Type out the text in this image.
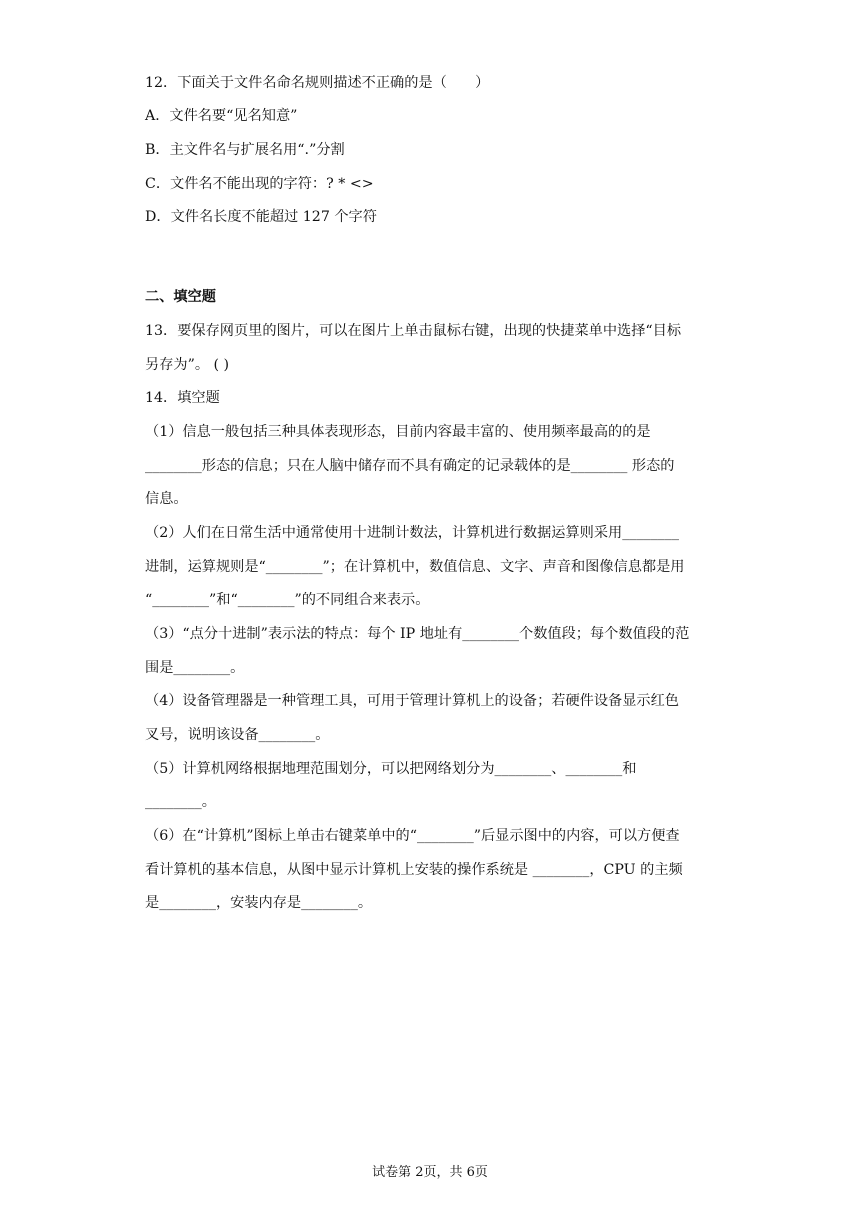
12．下面关于文件名命名规则描述不正确的是（　　）
A．文件名要“见名知意”
B．主文件名与扩展名用“.”分割
C．文件名不能出现的字符：? * <>
D．文件名长度不能超过 127 个字符
二、填空题
13．要保存网页里的图片，可以在图片上单击鼠标右键，出现的快捷菜单中选择“目标
另存为”。 ( )
14．填空题
（1）信息一般包括三种具体表现形态，目前内容最丰富的、使用频率最高的的是
________形态的信息；只在人脑中储存而不具有确定的记录载体的是________ 形态的
信息。
（2）人们在日常生活中通常使用十进制计数法，计算机进行数据运算则采用________
进制，运算规则是“________”；在计算机中，数值信息、文字、声音和图像信息都是用
“________”和“________”的不同组合来表示。
（3）“点分十进制”表示法的特点：每个 IP 地址有________个数值段；每个数值段的范
围是________。
（4）设备管理器是一种管理工具，可用于管理计算机上的设备；若硬件设备显示红色
叉号，说明该设备________。
（5）计算机网络根据地理范围划分，可以把网络划分为________、________和
________。
（6）在“计算机”图标上单击右键菜单中的“________”后显示图中的内容，可以方便查
看计算机的基本信息，从图中显示计算机上安装的操作系统是 ________，CPU 的主频
是________，安装内存是________。
试卷第 2页，共 6页
